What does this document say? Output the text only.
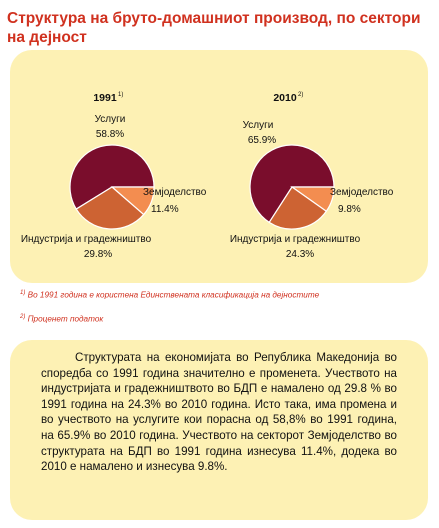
Структура на бруто-домашниот производ, по сектори на дејност
1991 1)
Услуги
58.8%
Земјоделство
11.4%
Индустрија и градежништво
29.8%
2010 2)
Услуги
65.9%
Земјоделство
9.8%
Индустрија и градежништво
24.3%
$^{1)}$ Во 1991 година е користена Единствената класификација на дејностите
$^{2)}$ Проценет податок

Структурата на економијата во Република Македонија во споредба со 1991 година значително е променета. Учеството на индустријата и градежништвото во БДП е намалено од 29.8 % во 1991 година на 24.3% во 2010 година. Исто така, има промена и во учеството на услугите кои порасна од 58,8% во 1991 година, на 65.9% во 2010 година. Учеството на секторот Земјоделство во структурата на БДП во 1991 година изнесува 11.4%, додека во 2010 е намалено и изнесува 9.8%.
